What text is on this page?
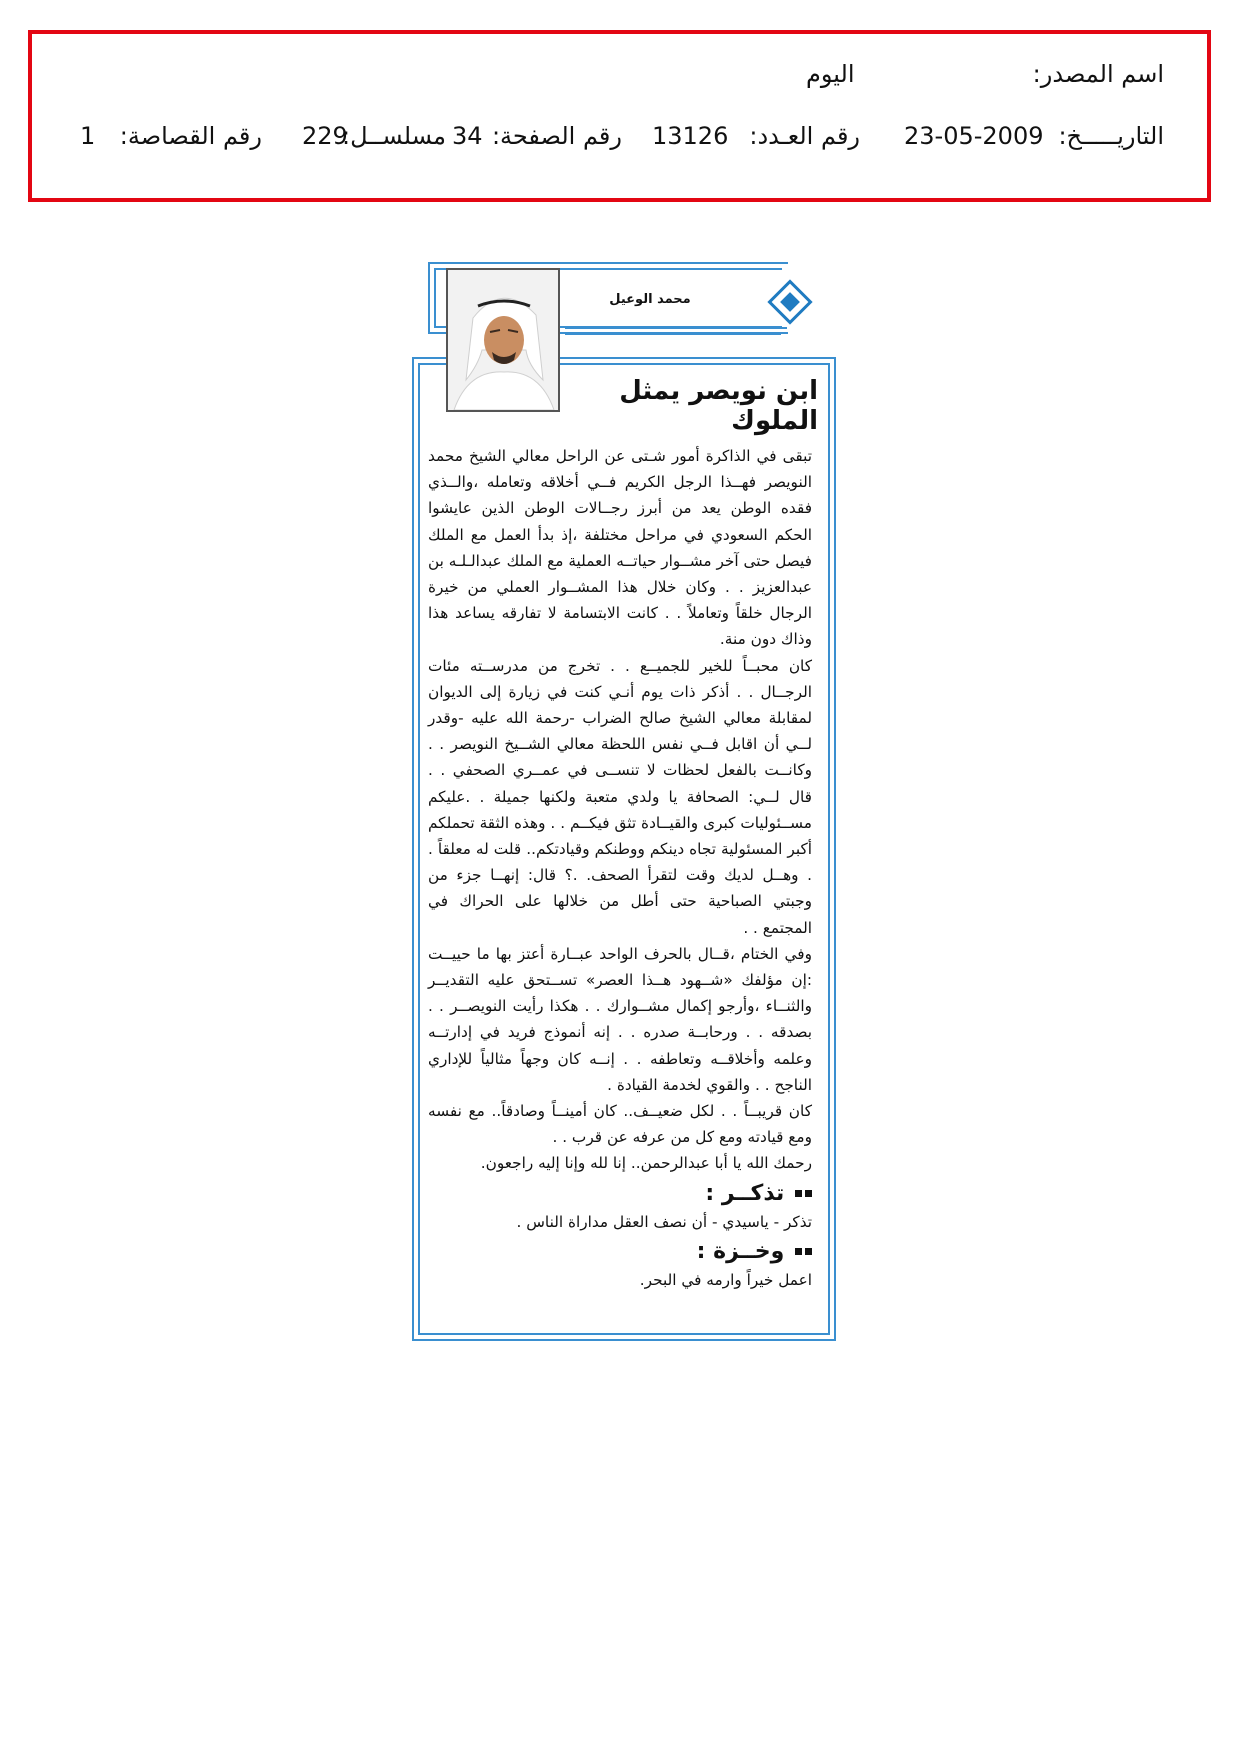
اسم المصدر:
اليوم
التاريـــــخ:
23-05-2009
رقم العـدد:
13126
رقم الصفحة:
34
مسلســل:
229
رقم القصاصة:
1
محمد الوعيل
ابن نويصر يمثل الملوك

تبقى في الذاكرة أمور شـتى عن الراحل معالي الشيخ محمد النويصر فهــذا الرجل الكريم فــي أخلاقه وتعامله ،والــذي فقده الوطن يعد من أبرز رجــالات الوطن الذين عايشوا الحكم السعودي في مراحل مختلفة ،إذ بدأ العمل مع الملك فيصل حتى آخر مشــوار حياتــه العملية مع الملك عبدالـلـه بن عبدالعزيز . . وكان خلال هذا المشــوار العملي من خيرة الرجال خلقاً وتعاملاً . . كانت الابتسامة لا تفارقه يساعد هذا وذاك دون منة.

كان محبــاً للخير للجميــع . . تخرج من مدرســته مئات الرجــال . . أذكر ذات يوم أنـي كنت في زيارة إلى الديوان لمقابلة معالي الشيخ صالح الضراب -رحمة الله عليه -وقدر لــي أن اقابل فــي نفس اللحظة معالي الشــيخ النويصر . . وكانــت بالفعل لحظات لا تنســى في عمــري الصحفي . . قال لــي: الصحافة يا ولدي متعبة ولكنها جميلة . .عليكم مســئوليات كبرى والقيــادة تثق فيكــم . . وهذه الثقة تحملكم أكبر المسئولية تجاه دينكم ووطنكم وقيادتكم.. قلت له معلقاً . . وهــل لديك وقت لتقرأ الصحف. .؟ قال: إنهــا جزء من وجبتي الصباحية حتى أطل من خلالها على الحراك في المجتمع . .

وفي الختام ،قــال بالحرف الواحد عبــارة أعتز بها ما حييــت :إن مؤلفك «شــهود هــذا العصر» تســتحق عليه التقديــر والثنــاء ،وأرجو إكمال مشــوارك . . هكذا رأيت النويصــر . . بصدقه . . ورحابــة صدره . . إنه أنموذج فريد في إدارتــه وعلمه وأخلاقــه وتعاطفه . . إنــه كان وجهاً مثالياً للإداري الناجح . . والقوي لخدمة القيادة .

كان قريبــاً . . لكل ضعيــف.. كان أمينــاً وصادقاً.. مع نفسه ومع قيادته ومع كل من عرفه عن قرب . .

رحمك الله يا أبا عبدالرحمن.. إنا لله وإنا إليه راجعون.

تذكــر :

تذكر - ياسيدي - أن نصف العقل مداراة الناس .

وخــزة :

اعمل خيراً وارمه في البحر.
